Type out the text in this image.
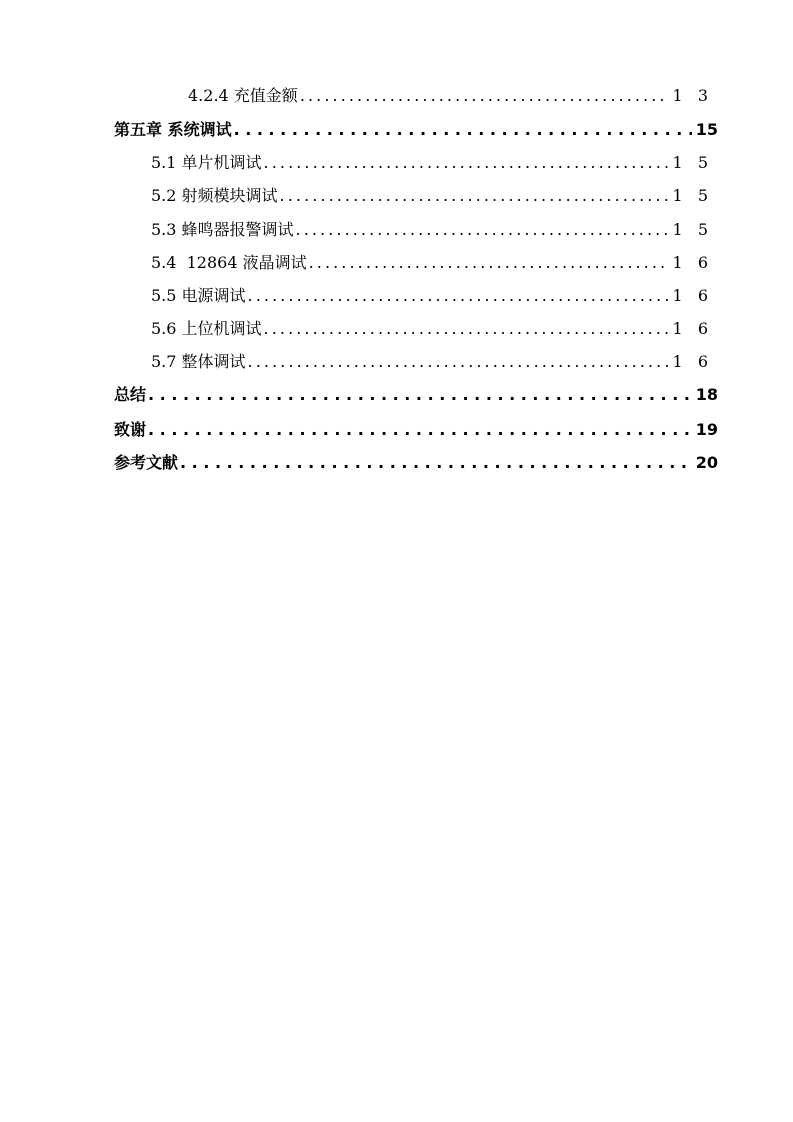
4.2.4 充值金额 . . .	1 3
第五章 系统调试 . . .	15
5.1 单片机调试 . . .	1 5
5.2 射频模块调试 . . .	1 5
5.3 蜂鸣器报警调试 . . .	1 5
5.4  12864 液晶调试 . . .	1 6
5.5 电源调试 . . .	1 6
5.6 上位机调试 . . .	1 6
5.7 整体调试 . . .	1 6
总结 . . .	18
致谢 . . .	19
参考文献 . . .	20
